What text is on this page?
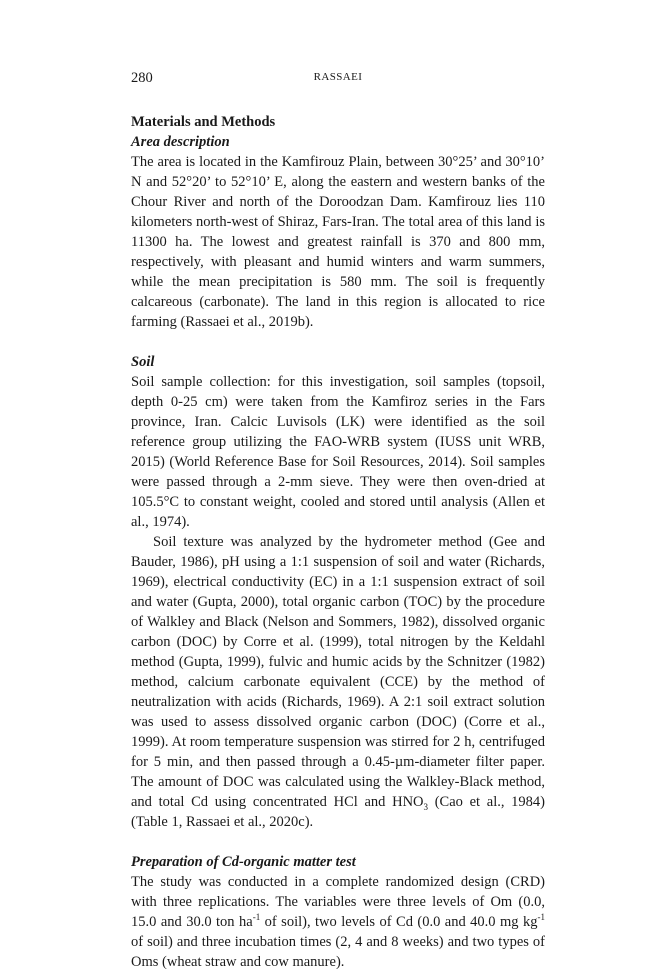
280	RASSAEI
Materials and Methods
Area description

The area is located in the Kamfirouz Plain, between 30°25’ and 30°10’ N and 52°20’ to 52°10’ E, along the eastern and western banks of the Chour River and north of the Doroodzan Dam. Kamfirouz lies 110 kilometers north-west of Shiraz, Fars-Iran. The total area of this land is 11300 ha. The lowest and greatest rainfall is 370 and 800 mm, respectively, with pleasant and humid winters and warm summers, while the mean precipitation is 580 mm. The soil is frequently calcareous (carbonate). The land in this region is allocated to rice farming (Rassaei et al., 2019b).

Soil

Soil sample collection: for this investigation, soil samples (topsoil, depth 0-25 cm) were taken from the Kamfiroz series in the Fars province, Iran. Calcic Luvisols (LK) were identified as the soil reference group utilizing the FAO-WRB system (IUSS unit WRB, 2015) (World Reference Base for Soil Resources, 2014). Soil samples were passed through a 2-mm sieve. They were then oven-dried at 105.5°C to constant weight, cooled and stored until analysis (Allen et al., 1974).

Soil texture was analyzed by the hydrometer method (Gee and Bauder, 1986), pH using a 1:1 suspension of soil and water (Richards, 1969), electrical conductivity (EC) in a 1:1 suspension extract of soil and water (Gupta, 2000), total organic carbon (TOC) by the procedure of Walkley and Black (Nelson and Sommers, 1982), dissolved organic carbon (DOC) by Corre et al. (1999), total nitrogen by the Keldahl method (Gupta, 1999), fulvic and humic acids by the Schnitzer (1982) method, calcium carbonate equivalent (CCE) by the method of neutralization with acids (Richards, 1969). A 2:1 soil extract solution was used to assess dissolved organic carbon (DOC) (Corre et al., 1999). At room temperature suspension was stirred for 2 h, centrifuged for 5 min, and then passed through a 0.45-µm-diameter filter paper. The amount of DOC was calculated using the Walkley-Black method, and total Cd using concentrated HCl and $HNO_3$ (Cao et al., 1984) (Table 1, Rassaei et al., 2020c).

Preparation of Cd-organic matter test

The study was conducted in a complete randomized design (CRD) with three replications. The variables were three levels of Om (0.0, 15.0 and 30.0 ton $ha^{-1}$ of soil), two levels of Cd (0.0 and 40.0 mg $kg^{-1}$ of soil) and three incubation times (2, 4 and 8 weeks) and two types of Oms (wheat straw and cow manure).
